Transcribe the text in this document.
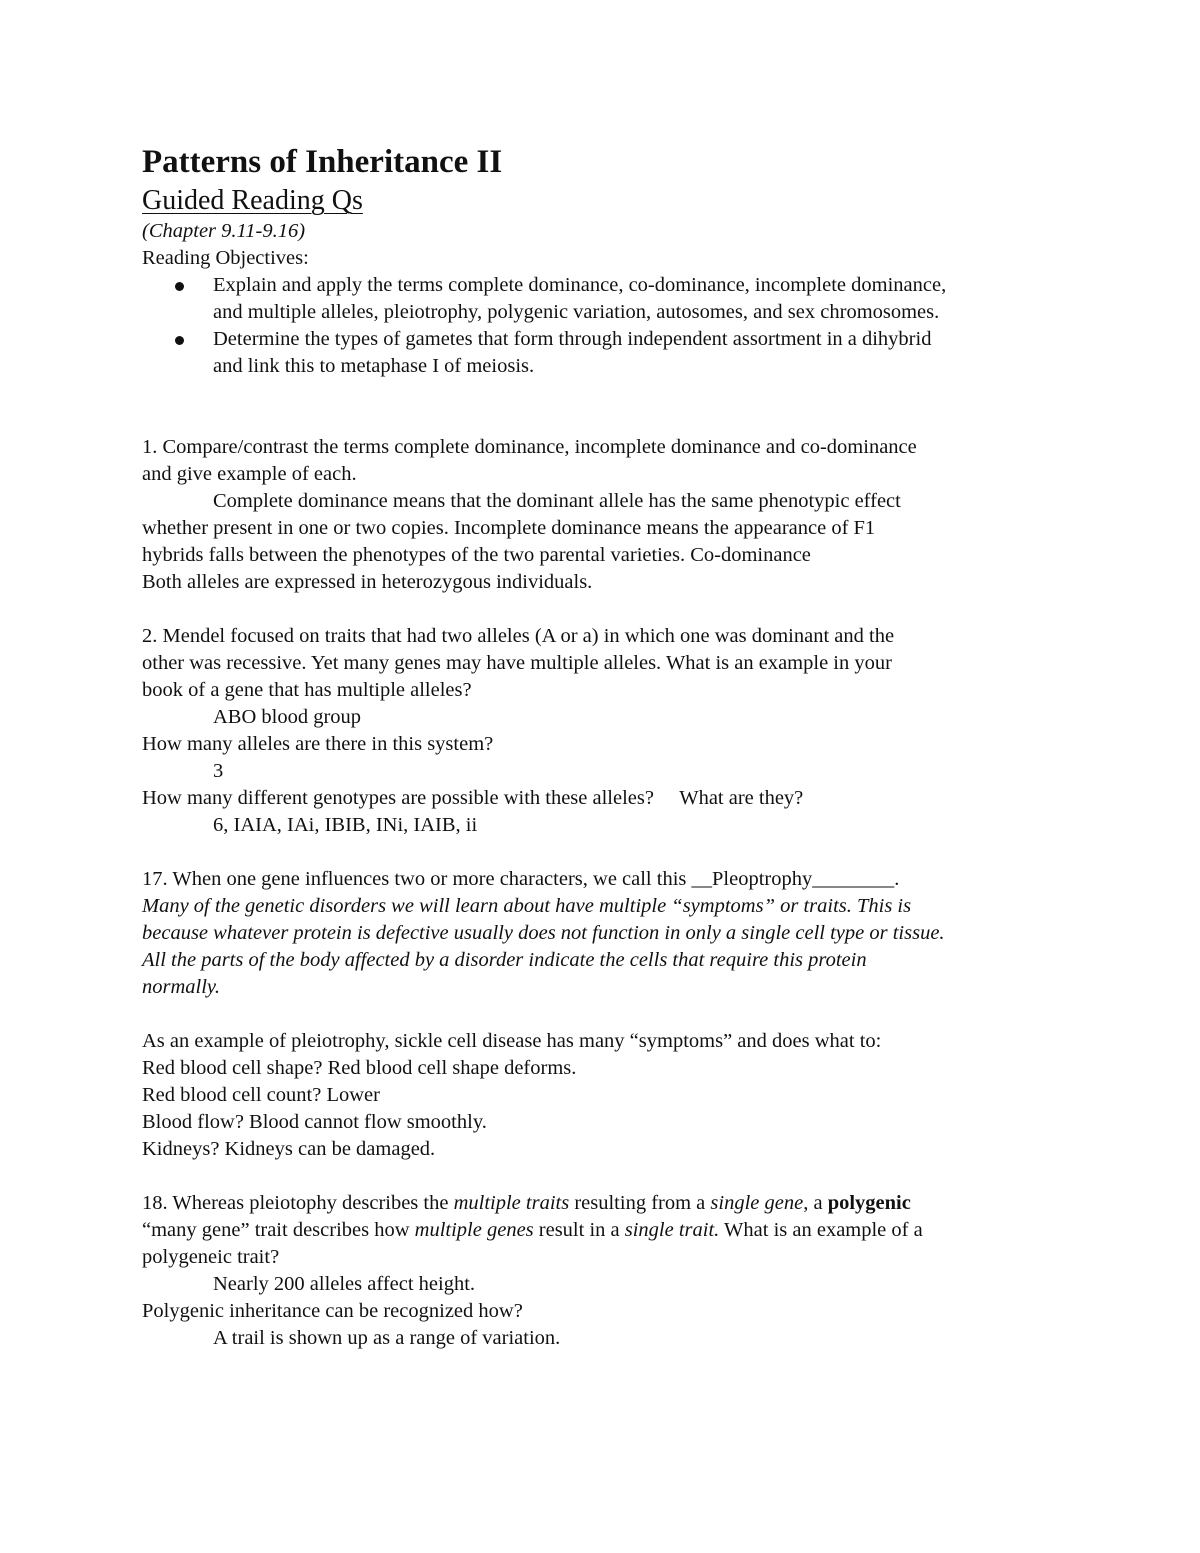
Patterns of Inheritance II

Guided Reading Qs

(Chapter 9.11-9.16)

Reading Objectives:

Explain and apply the terms complete dominance, co-dominance, incomplete dominance,
and multiple alleles, pleiotrophy, polygenic variation, autosomes, and sex chromosomes.
Determine the types of gametes that form through independent assortment in a dihybrid
and link this to metaphase I of meiosis.

1. Compare/contrast the terms complete dominance, incomplete dominance and co-dominance

and give example of each.

Complete dominance means that the dominant allele has the same phenotypic effect

whether present in one or two copies. Incomplete dominance means the appearance of F1

hybrids falls between the phenotypes of the two parental varieties. Co-dominance

Both alleles are expressed in heterozygous individuals.

2. Mendel focused on traits that had two alleles (A or a) in which one was dominant and the

other was recessive. Yet many genes may have multiple alleles. What is an example in your

book of a gene that has multiple alleles?

ABO blood group

How many alleles are there in this system?

3

How many different genotypes are possible with these alleles?     What are they?

6, IAIA, IAi, IBIB, INi, IAIB, ii

17. When one gene influences two or more characters, we call this __Pleoptrophy________.

Many of the genetic disorders we will learn about have multiple “symptoms” or traits. This is

because whatever protein is defective usually does not function in only a single cell type or tissue.

All the parts of the body affected by a disorder indicate the cells that require this protein

normally.

As an example of pleiotrophy, sickle cell disease has many “symptoms” and does what to:

Red blood cell shape? Red blood cell shape deforms.

Red blood cell count? Lower

Blood flow? Blood cannot flow smoothly.

Kidneys? Kidneys can be damaged.

18. Whereas pleiotophy describes the multiple traits resulting from a single gene, a polygenic

“many gene” trait describes how multiple genes result in a single trait. What is an example of a

polygeneic trait?

Nearly 200 alleles affect height.

Polygenic inheritance can be recognized how?

A trail is shown up as a range of variation.
